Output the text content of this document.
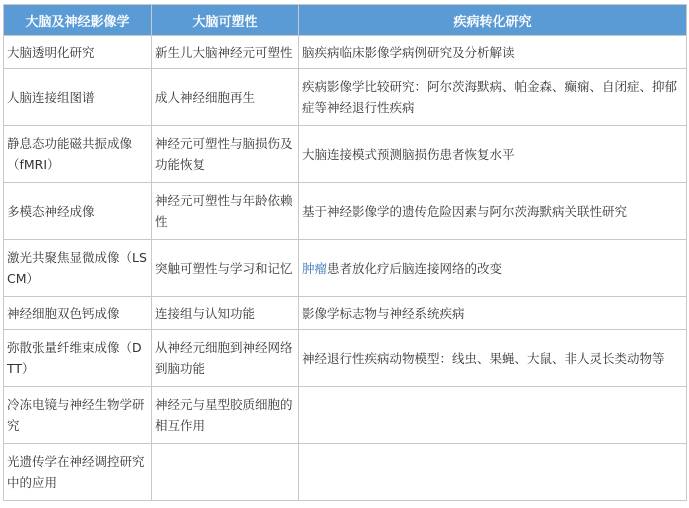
大脑及神经影像学	大脑可塑性	疾病转化研究
大脑透明化研究	新生儿大脑神经元可塑性	脑疾病临床影像学病例研究及分析解读
人脑连接组图谱	成人神经细胞再生	疾病影像学比较研究：阿尔茨海默病、帕金森、癫痫、自闭症、抑郁症等神经退行性疾病
静息态功能磁共振成像（fMRI）	神经元可塑性与脑损伤及功能恢复	大脑连接模式预测脑损伤患者恢复水平
多模态神经成像	神经元可塑性与年龄依赖性	基于神经影像学的遗传危险因素与阿尔茨海默病关联性研究
激光共聚焦显微成像（LSCM）	突触可塑性与学习和记忆	肿瘤患者放化疗后脑连接网络的改变
神经细胞双色钙成像	连接组与认知功能	影像学标志物与神经系统疾病
弥散张量纤维束成像（DTT）	从神经元细胞到神经网络到脑功能	神经退行性疾病动物模型：线虫、果蝇、大鼠、非人灵长类动物等
冷冻电镜与神经生物学研究	神经元与星型胶质细胞的相互作用	
光遗传学在神经调控研究中的应用		
